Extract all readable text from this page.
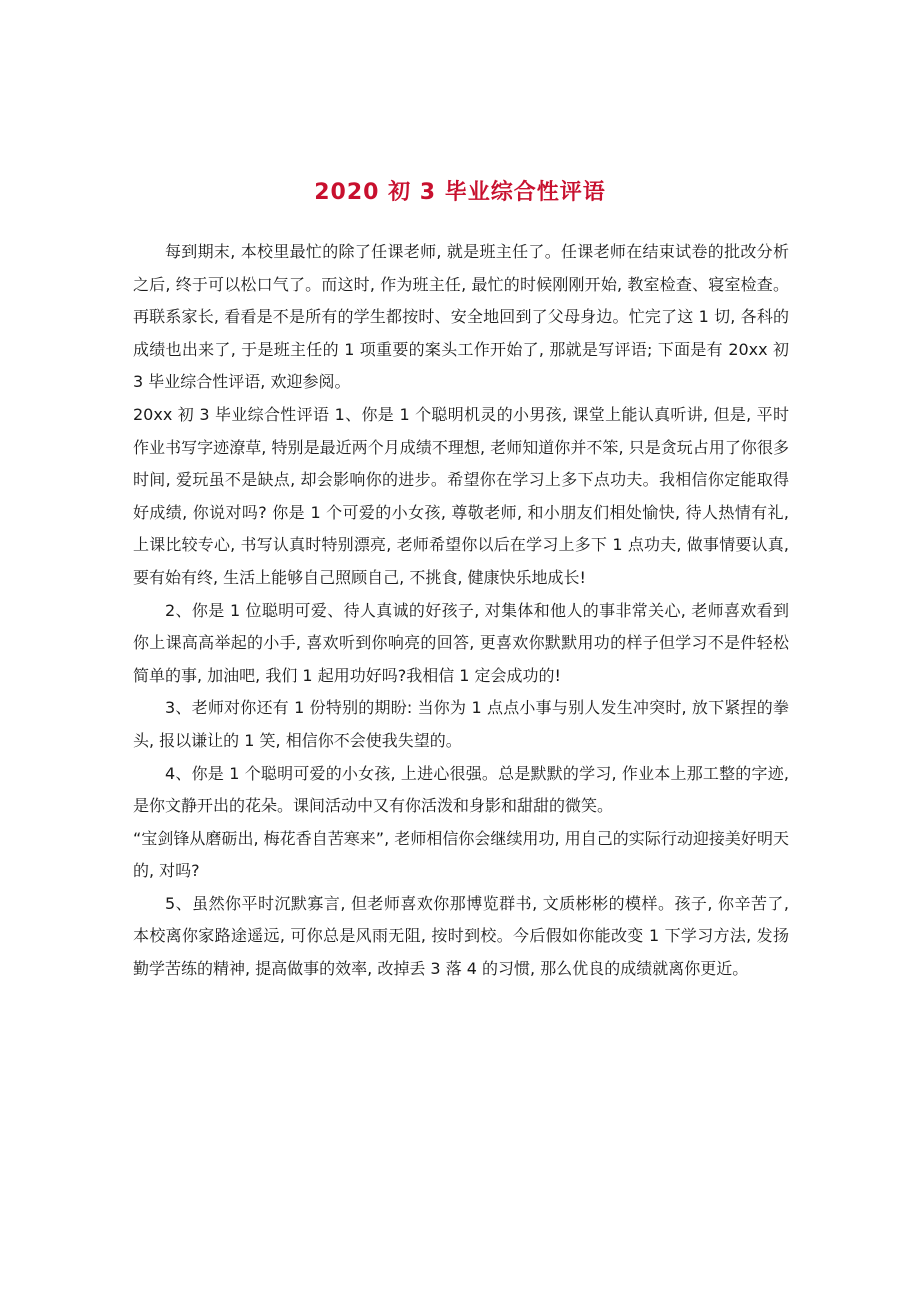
2020 初 3 毕业综合性评语

每到期末, 本校里最忙的除了任课老师, 就是班主任了。任课老师在结束试卷的批改分析之后, 终于可以松口气了。而这时, 作为班主任, 最忙的时候刚刚开始, 教室检查、寝室检查。再联系家长, 看看是不是所有的学生都按时、安全地回到了父母身边。忙完了这 1 切, 各科的成绩也出来了, 于是班主任的 1 项重要的案头工作开始了, 那就是写评语; 下面是有 20xx 初 3 毕业综合性评语, 欢迎参阅。

20xx 初 3 毕业综合性评语 1、你是 1 个聪明机灵的小男孩, 课堂上能认真听讲, 但是, 平时作业书写字迹潦草, 特别是最近两个月成绩不理想, 老师知道你并不笨, 只是贪玩占用了你很多时间, 爱玩虽不是缺点, 却会影响你的进步。希望你在学习上多下点功夫。我相信你定能取得好成绩, 你说对吗? 你是 1 个可爱的小女孩, 尊敬老师, 和小朋友们相处愉快, 待人热情有礼, 上课比较专心, 书写认真时特别漂亮, 老师希望你以后在学习上多下 1 点功夫, 做事情要认真, 要有始有终, 生活上能够自己照顾自己, 不挑食, 健康快乐地成长!

2、你是 1 位聪明可爱、待人真诚的好孩子, 对集体和他人的事非常关心, 老师喜欢看到你上课高高举起的小手, 喜欢听到你响亮的回答, 更喜欢你默默用功的样子但学习不是件轻松简单的事, 加油吧, 我们 1 起用功好吗?我相信 1 定会成功的!

3、老师对你还有 1 份特别的期盼: 当你为 1 点点小事与别人发生冲突时, 放下紧捏的拳头, 报以谦让的 1 笑, 相信你不会使我失望的。

4、你是 1 个聪明可爱的小女孩, 上进心很强。总是默默的学习, 作业本上那工整的字迹, 是你文静开出的花朵。课间活动中又有你活泼和身影和甜甜的微笑。

“宝剑锋从磨砺出, 梅花香自苦寒来”, 老师相信你会继续用功, 用自己的实际行动迎接美好明天的, 对吗?

5、虽然你平时沉默寡言, 但老师喜欢你那博览群书, 文质彬彬的模样。孩子, 你辛苦了, 本校离你家路途遥远, 可你总是风雨无阻, 按时到校。今后假如你能改变 1 下学习方法, 发扬勤学苦练的精神, 提高做事的效率, 改掉丢 3 落 4 的习惯, 那么优良的成绩就离你更近。
